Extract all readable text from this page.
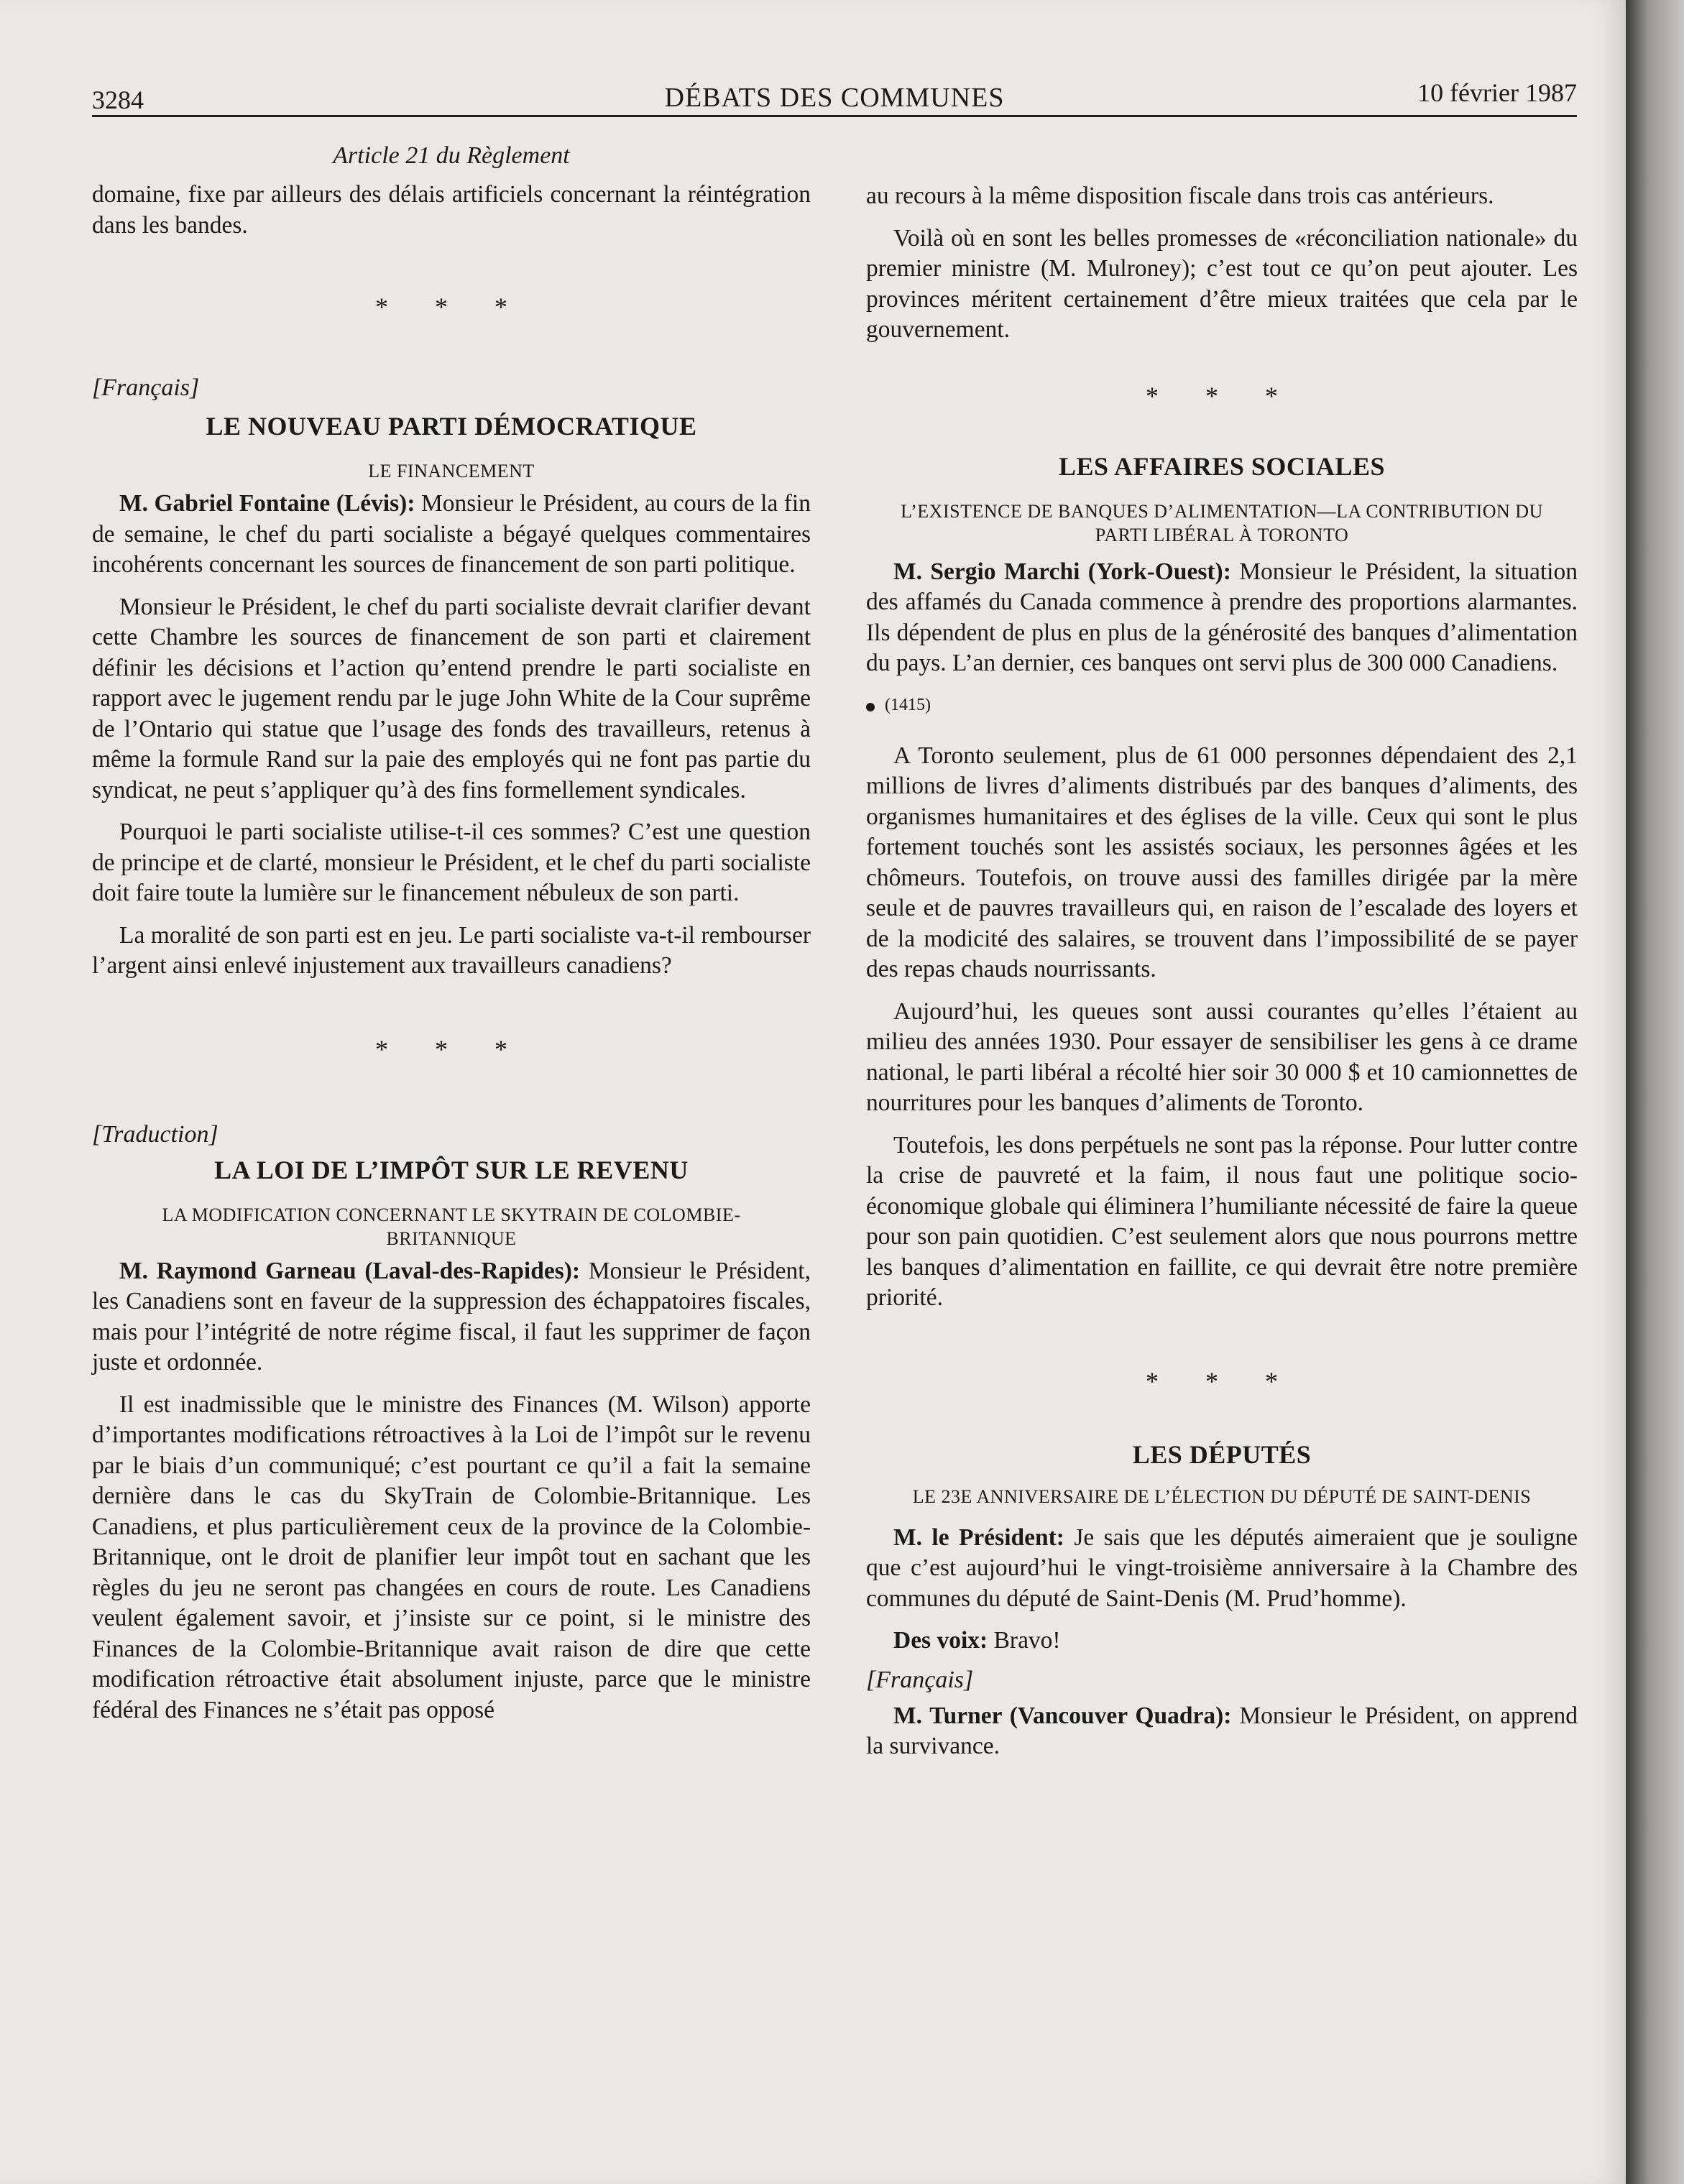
3284	DÉBATS DES COMMUNES	10 février 1987
Article 21 du Règlement

domaine, fixe par ailleurs des délais artificiels concernant la réintégration dans les bandes.

* * *
[Français]
LE NOUVEAU PARTI DÉMOCRATIQUE
LE FINANCEMENT

M. Gabriel Fontaine (Lévis): Monsieur le Président, au cours de la fin de semaine, le chef du parti socialiste a bégayé quelques commentaires incohérents concernant les sources de financement de son parti politique.

Monsieur le Président, le chef du parti socialiste devrait clarifier devant cette Chambre les sources de financement de son parti et clairement définir les décisions et l’action qu’entend prendre le parti socialiste en rapport avec le jugement rendu par le juge John White de la Cour suprême de l’Ontario qui statue que l’usage des fonds des travailleurs, retenus à même la formule Rand sur la paie des employés qui ne font pas partie du syndicat, ne peut s’appliquer qu’à des fins formellement syndicales.

Pourquoi le parti socialiste utilise-t-il ces sommes? C’est une question de principe et de clarté, monsieur le Président, et le chef du parti socialiste doit faire toute la lumière sur le financement nébuleux de son parti.

La moralité de son parti est en jeu. Le parti socialiste va-t-il rembourser l’argent ainsi enlevé injustement aux travailleurs canadiens?

* * *
[Traduction]
LA LOI DE L’IMPÔT SUR LE REVENU
LA MODIFICATION CONCERNANT LE SKYTRAIN DE COLOMBIE-BRITANNIQUE

M. Raymond Garneau (Laval-des-Rapides): Monsieur le Président, les Canadiens sont en faveur de la suppression des échappatoires fiscales, mais pour l’intégrité de notre régime fiscal, il faut les supprimer de façon juste et ordonnée.

Il est inadmissible que le ministre des Finances (M. Wilson) apporte d’importantes modifications rétroactives à la Loi de l’impôt sur le revenu par le biais d’un communiqué; c’est pourtant ce qu’il a fait la semaine dernière dans le cas du SkyTrain de Colombie-Britannique. Les Canadiens, et plus particulièrement ceux de la province de la Colombie-Britannique, ont le droit de planifier leur impôt tout en sachant que les règles du jeu ne seront pas changées en cours de route. Les Canadiens veulent également savoir, et j’insiste sur ce point, si le ministre des Finances de la Colombie-Britannique avait raison de dire que cette modification rétroactive était absolument injuste, parce que le ministre fédéral des Finances ne s’était pas opposé

au recours à la même disposition fiscale dans trois cas antérieurs.

Voilà où en sont les belles promesses de «réconciliation nationale» du premier ministre (M. Mulroney); c’est tout ce qu’on peut ajouter. Les provinces méritent certainement d’être mieux traitées que cela par le gouvernement.

* * *
LES AFFAIRES SOCIALES
L’EXISTENCE DE BANQUES D’ALIMENTATION—LA CONTRIBUTION DU PARTI LIBÉRAL À TORONTO

M. Sergio Marchi (York-Ouest): Monsieur le Président, la situation des affamés du Canada commence à prendre des proportions alarmantes. Ils dépendent de plus en plus de la générosité des banques d’alimentation du pays. L’an dernier, ces banques ont servi plus de 300 000 Canadiens.

(1415)

A Toronto seulement, plus de 61 000 personnes dépendaient des 2,1 millions de livres d’aliments distribués par des banques d’aliments, des organismes humanitaires et des églises de la ville. Ceux qui sont le plus fortement touchés sont les assistés sociaux, les personnes âgées et les chômeurs. Toutefois, on trouve aussi des familles dirigée par la mère seule et de pauvres travailleurs qui, en raison de l’escalade des loyers et de la modicité des salaires, se trouvent dans l’impossibilité de se payer des repas chauds nourrissants.

Aujourd’hui, les queues sont aussi courantes qu’elles l’étaient au milieu des années 1930. Pour essayer de sensibiliser les gens à ce drame national, le parti libéral a récolté hier soir 30 000 $ et 10 camionnettes de nourritures pour les banques d’aliments de Toronto.

Toutefois, les dons perpétuels ne sont pas la réponse. Pour lutter contre la crise de pauvreté et la faim, il nous faut une politique socio-économique globale qui éliminera l’humiliante nécessité de faire la queue pour son pain quotidien. C’est seulement alors que nous pourrons mettre les banques d’alimentation en faillite, ce qui devrait être notre première priorité.

* * *
LES DÉPUTÉS
LE 23E ANNIVERSAIRE DE L’ÉLECTION DU DÉPUTÉ DE SAINT-DENIS

M. le Président: Je sais que les députés aimeraient que je souligne que c’est aujourd’hui le vingt-troisième anniversaire à la Chambre des communes du député de Saint-Denis (M. Prud’homme).

Des voix: Bravo!

[Français]

M. Turner (Vancouver Quadra): Monsieur le Président, on apprend la survivance.
